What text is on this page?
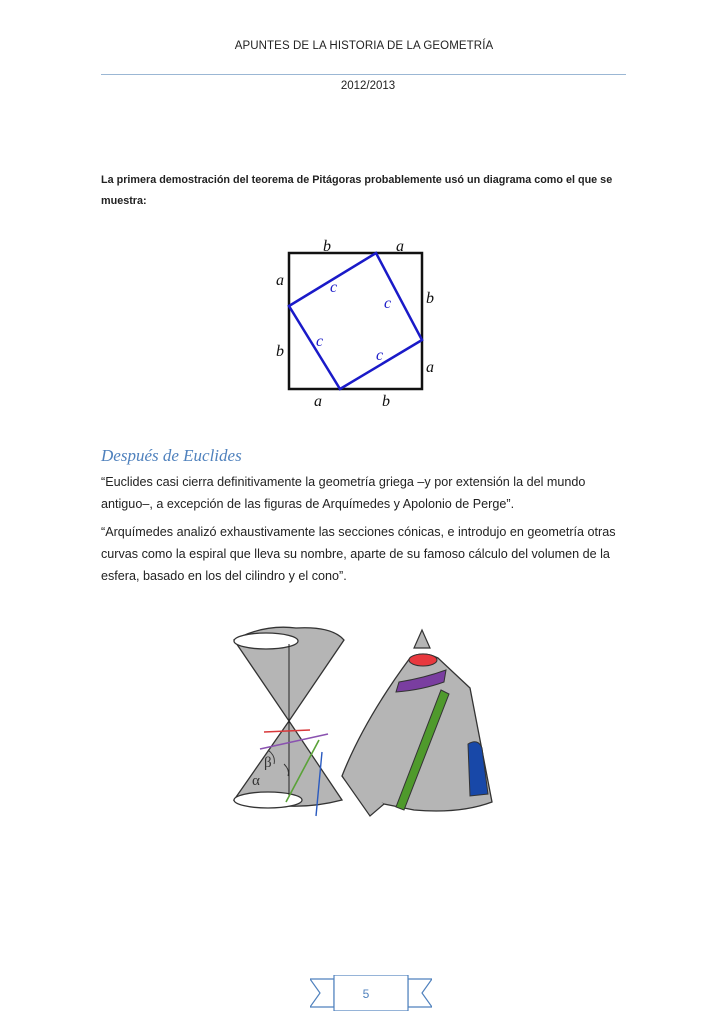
APUNTES DE LA HISTORIA DE LA GEOMETRÍA
2012/2013
La primera demostración del teorema de Pitágoras probablemente usó un diagrama como el que se muestra:
b	a
a
b
b
a
a	b
c
c
c
c
Después de Euclides

“Euclides casi cierra definitivamente la geometría griega –y por extensión la del mundo antiguo–, a excepción de las figuras de Arquímedes y Apolonio de Perge”.

“Arquímedes analizó exhaustivamente las secciones cónicas, e introdujo en geometría otras curvas como la espiral que lleva su nombre, aparte de su famoso cálculo del volumen de la esfera, basado en los del cilindro y el cono”.

β
α
5
